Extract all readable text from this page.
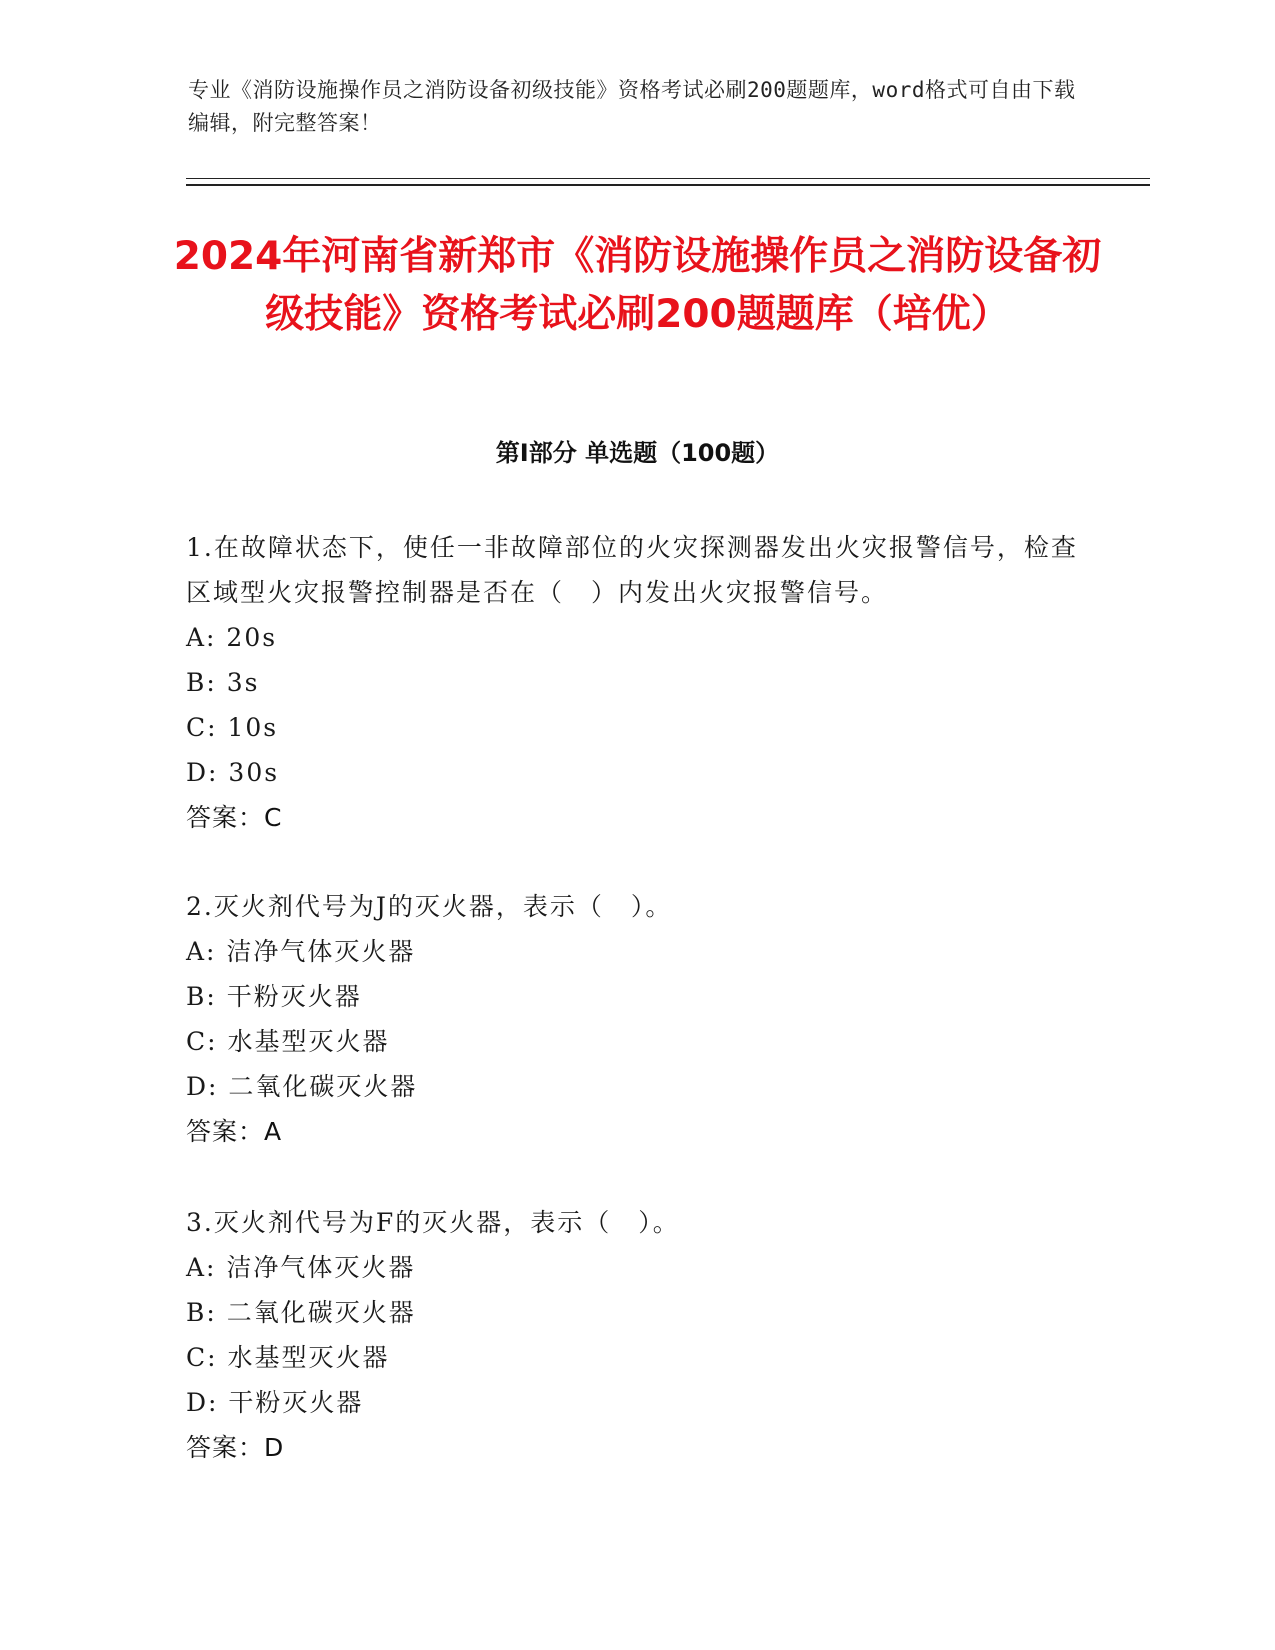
专业《消防设施操作员之消防设备初级技能》资格考试必刷200题题库，word格式可自由下载编辑，附完整答案！
2024年河南省新郑市《消防设施操作员之消防设备初级技能》资格考试必刷200题题库（培优）
第I部分 单选题（100题）
1.在故障状态下，使任一非故障部位的火灾探测器发出火灾报警信号，检查区域型火灾报警控制器是否在（　）内发出火灾报警信号。
A: 20s
B: 3s
C: 10s
D: 30s
答案：C
2.灭火剂代号为J的灭火器，表示（　）。
A: 洁净气体灭火器
B: 干粉灭火器
C: 水基型灭火器
D: 二氧化碳灭火器
答案：A
3.灭火剂代号为F的灭火器，表示（　）。
A: 洁净气体灭火器
B: 二氧化碳灭火器
C: 水基型灭火器
D: 干粉灭火器
答案：D
